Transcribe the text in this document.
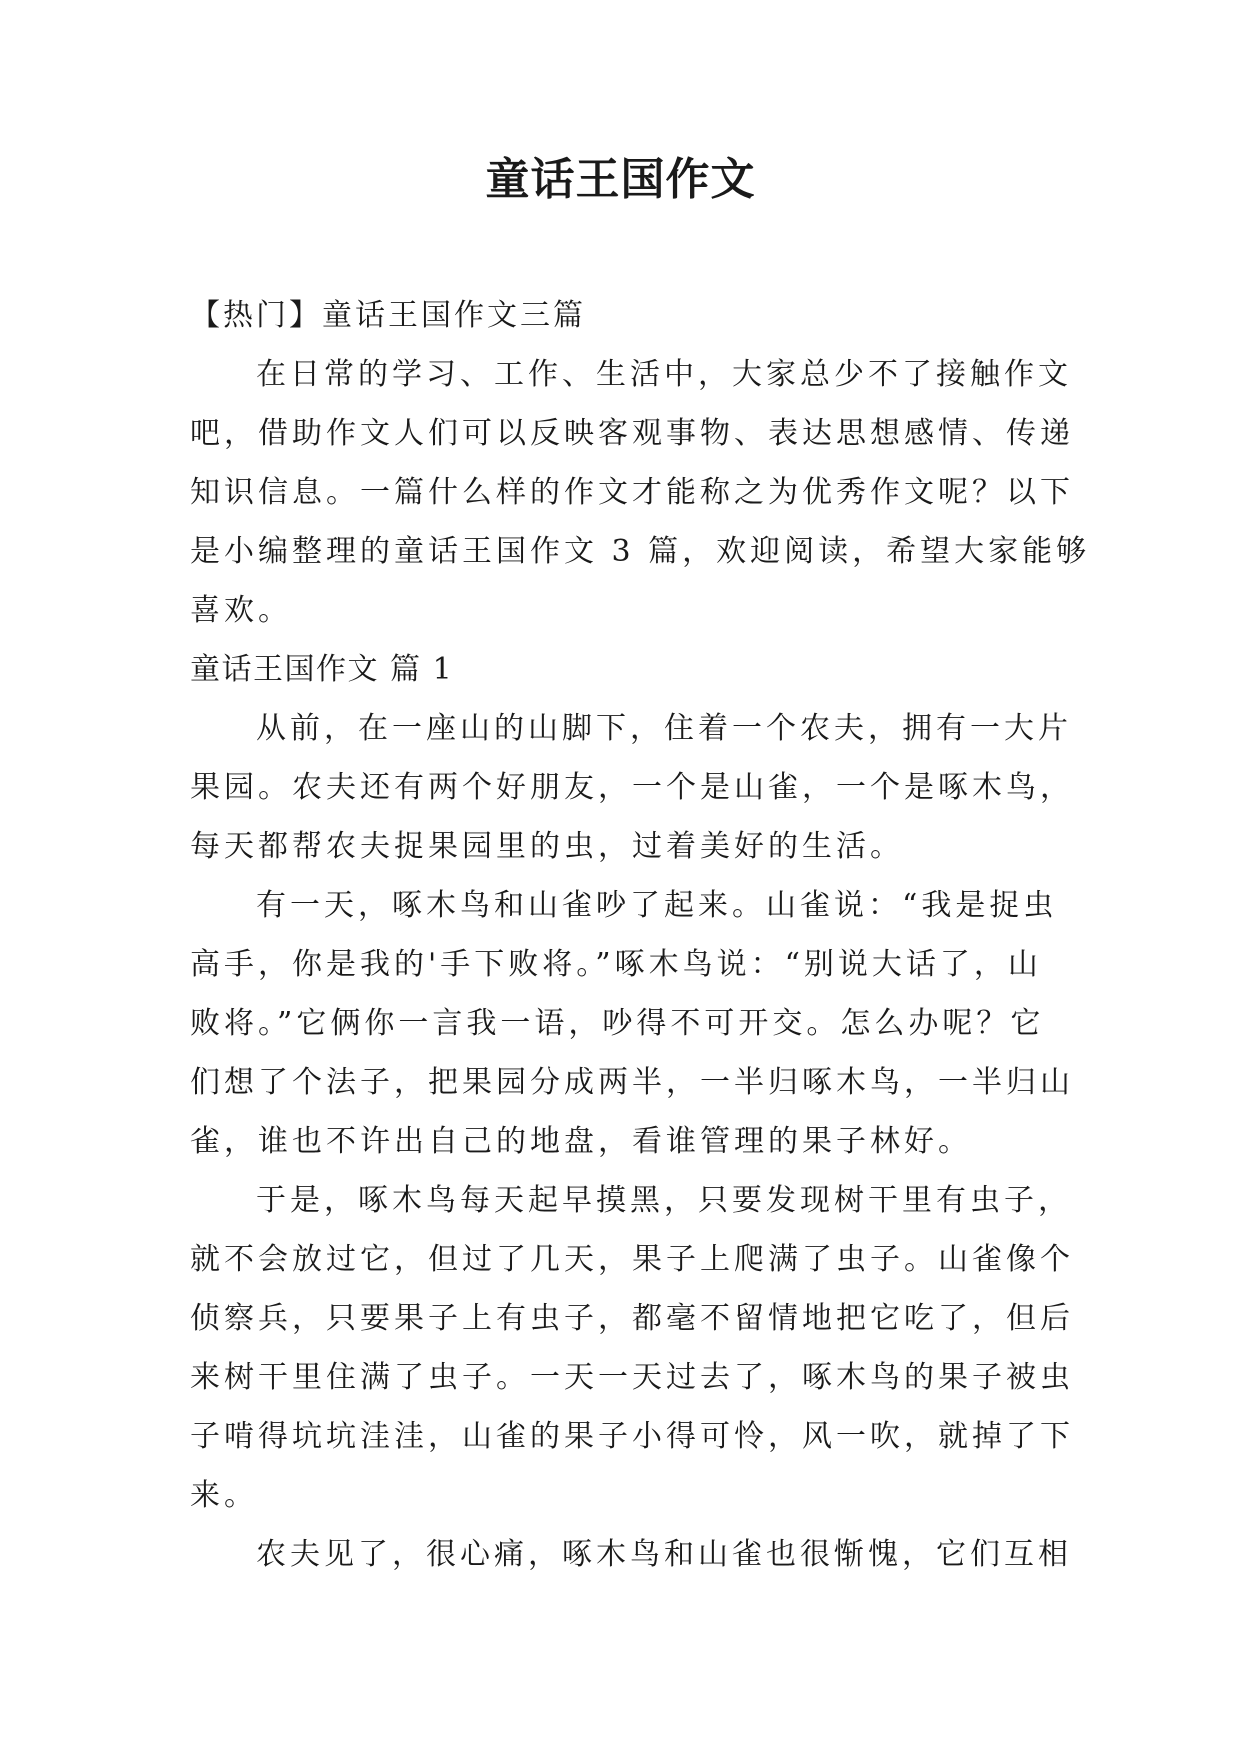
童话王国作文
【热门】童话王国作文三篇
在日常的学习、工作、生活中，大家总少不了接触作文
吧，借助作文人们可以反映客观事物、表达思想感情、传递
知识信息。一篇什么样的作文才能称之为优秀作文呢？以下
是小编整理的童话王国作文 3 篇，欢迎阅读，希望大家能够
喜欢。
童话王国作文 篇 1
从前，在一座山的山脚下，住着一个农夫，拥有一大片
果园。农夫还有两个好朋友，一个是山雀，一个是啄木鸟，
每天都帮农夫捉果园里的虫，过着美好的生活。
有一天，啄木鸟和山雀吵了起来。山雀说：“我是捉虫
高手，你是我的'手下败将。”啄木鸟说：“别说大话了，山
败将。”它俩你一言我一语，吵得不可开交。怎么办呢？它
们想了个法子，把果园分成两半，一半归啄木鸟，一半归山
雀，谁也不许出自己的地盘，看谁管理的果子林好。
于是，啄木鸟每天起早摸黑，只要发现树干里有虫子，
就不会放过它，但过了几天，果子上爬满了虫子。山雀像个
侦察兵，只要果子上有虫子，都毫不留情地把它吃了，但后
来树干里住满了虫子。一天一天过去了，啄木鸟的果子被虫
子啃得坑坑洼洼，山雀的果子小得可怜，风一吹，就掉了下
来。
农夫见了，很心痛，啄木鸟和山雀也很惭愧，它们互相
